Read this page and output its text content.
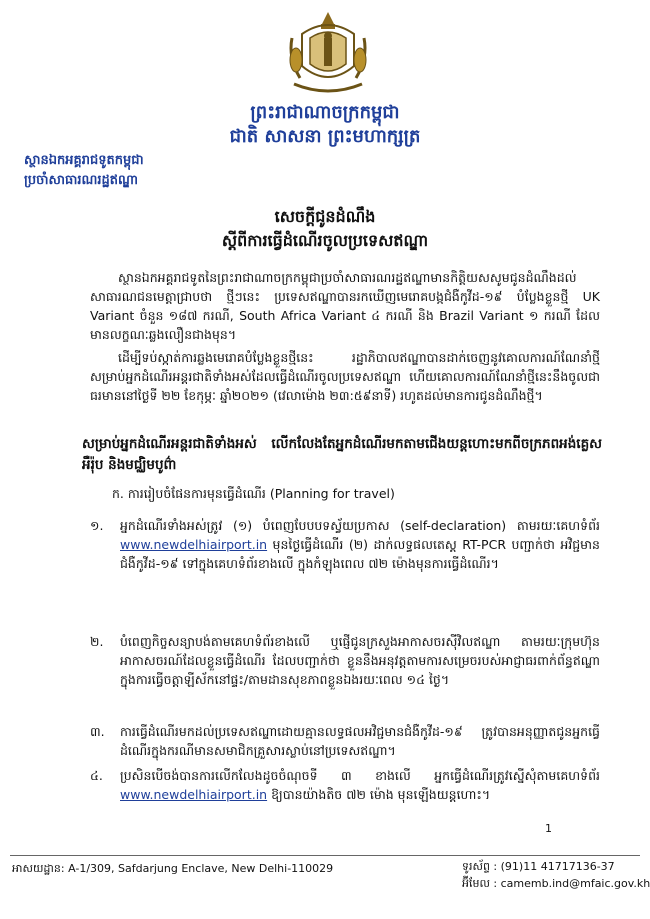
ព្រះរាជាណាចក្រកម្ពុជា
ជាតិ សាសនា ព្រះមហាក្សត្រ
ស្ថានឯកអគ្គរាជទូតកម្ពុជា
ប្រចាំសាធារណរដ្ឋឥណ្ឌា
សេចក្តីជូនដំណឹង
ស្តីពីការធ្វើដំណើរចូលប្រទេសឥណ្ឌា
ស្ថានឯកអគ្គរាជទូតនៃព្រះរាជាណាចក្រកម្ពុជាប្រចាំសាធារណរដ្ឋឥណ្ឌាមានកិត្តិយសសូមជូនដំណឹងដល់សាធារណជនមេត្តាជ្រាបថា ថ្មីៗនេះ ប្រទេសឥណ្ឌាបានរកឃើញមេរោគបង្កជំងឺកូវីដ-១៩ បំប្លែងខ្លួនថ្មី UK Variant ចំនួន ១៨៧ ករណី, South Africa Variant ៤ ករណី និង Brazil Variant ១ ករណី ដែលមានលក្ខណៈឆ្លងលឿនជាងមុន។
ដើម្បីទប់ស្កាត់ការឆ្លងមេរោគបំប្លែងខ្លួនថ្មីនេះ រដ្ឋាភិបាលឥណ្ឌាបានដាក់ចេញនូវគោលការណ៍ណែនាំថ្មីសម្រាប់អ្នកដំណើរអន្តរជាតិទាំងអស់ដែលធ្វើដំណើរចូលប្រទេសឥណ្ឌា ហើយគោលការណ៍ណែនាំថ្មីនេះនឹងចូលជាធរមាននៅថ្ងៃទី ២២ ខែកុម្ភៈ ឆ្នាំ២០២១ (វេលាម៉ោង ២៣:៥៩នាទី) រហូតដល់មានការជូនដំណឹងថ្មី។
សម្រាប់អ្នកដំណើរអន្តរជាតិទាំងអស់ លើកលែងតែអ្នកដំណើរមកតាមជើងយន្តហោះមកពីចក្រភពអង់គ្លេស អឺរ៉ុប និងមជ្ឈិមបូព៌ា
ក. ការរៀបចំផែនការមុនធ្វើដំណើរ (Planning for travel)
១. អ្នកដំណើរទាំងអស់ត្រូវ (១) បំពេញបែបបទស្វ័យប្រកាស (self-declaration) តាមរយៈគេហទំព័រ www.newdelhiairport.in មុនថ្ងៃធ្វើដំណើរ (២) ដាក់លទ្ធផលតេស្ត RT-PCR បញ្ជាក់ថា អវិជ្ជមានជំងឺកូវីដ-១៩ ទៅក្នុងគេហទំព័រខាងលើ ក្នុងកំឡុងពេល ៧២ ម៉ោងមុនការធ្វើដំណើរ។
២. បំពេញកិច្ចសន្យាបង់តាមគេហទំព័រខាងលើ ឬផ្ញើជូនក្រសួងអាកាសចរស៊ីវិលឥណ្ឌា តាមរយៈក្រុមហ៊ុនអាកាសចរណ៍ដែលខ្លួនធ្វើដំណើរ ដែលបញ្ជាក់ថា ខ្លួននឹងអនុវត្តតាមការសម្រេចរបស់អាជ្ញាធរពាក់ព័ន្ធឥណ្ឌាក្នុងការធ្វើចត្តាឡីស័កនៅផ្ទះ/តាមដានសុខភាពខ្លួនឯងរយៈពេល ១៤ ថ្ងៃ។
៣. ការធ្វើដំណើរមកដល់ប្រទេសឥណ្ឌាដោយគ្មានលទ្ធផលអវិជ្ជមានជំងឺកូវីដ-១៩ ត្រូវបានអនុញ្ញាតជូនអ្នកធ្វើដំណើរក្នុងករណីមានសមាជិកគ្រួសារស្លាប់នៅប្រទេសឥណ្ឌា។
៤. ប្រសិនបើចង់បានការលើកលែងដូចចំណុចទី ៣ ខាងលើ អ្នកធ្វើដំណើរត្រូវស្នើសុំតាមគេហទំព័រ www.newdelhiairport.in ឱ្យបានយ៉ាងតិច ៧២ ម៉ោង មុនឡើងយន្តហោះ។
1
អាសយដ្ឋាន: A-1/309, Safdarjung Enclave, New Delhi-110029	ទូរស័ព្ទ : (91)11 41717136-37
អ៊ីមែល : camemb.ind@mfaic.gov.kh
